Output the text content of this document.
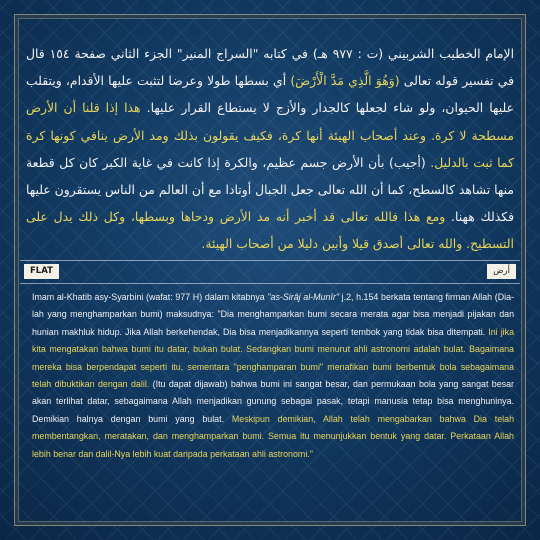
الإمام الخطيب الشربيني (ت : ٩٧٧ هـ) في كتابه "السراج المنير" الجزء الثاني صفحة ١٥٤ قال في تفسير قوله تعالى (وَهُوَ الَّذِي مَدَّ الْأَرْضَ) أي بسطها طولا وعرضا لتثبت عليها الأقدام، ويتقلب عليها الحيوان، ولو شاء لجعلها كالجدار والأزج لا يستطاع القرار عليها. هذا إذا قلنا أن الأرض مسطحة لا كرة. وعند أصحاب الهيئة أنها كرة، فكيف يقولون بذلك ومد الأرض ينافي كونها كرة كما ثبت بالدليل. (أجيب) بأن الأرض جسم عظيم، والكرة إذا كانت في غاية الكبر كان كل قطعة منها تشاهد كالسطح، كما أن الله تعالى جعل الجبال أوتادا مع أن العالم من الناس يستقرون عليها فكذلك ههنا. ومع هذا فالله تعالى قد أخبر أنه مد الأرض ودحاها وبسطها، وكل ذلك يدل على التسطيح. والله تعالى أصدق قيلا وأبين دليلا من أصحاب الهيئة.
FLAT	أرض
Imam al-Khatib asy-Syarbini (wafat: 977 H) dalam kitabnya "as-Sirâj al-Munîr" j.2, h.154 berkata tentang firman Allah (Dia-lah yang menghamparkan bumi) maksudnya: "Dia menghamparkan bumi secara merata agar bisa menjadi pijakan dan hunian makhluk hidup. Jika Allah berkehendak, Dia bisa menjadikannya seperti tembok yang tidak bisa ditempati. Ini jika kita mengatakan bahwa bumi itu datar, bukan bulat. Sedangkan bumi menurut ahli astronomi adalah bulat. Bagaimana mereka bisa berpendapat seperti itu, sementara "penghamparan bumi" menafikan bumi berbentuk bola sebagaimana telah dibuktikan dengan dalil. (Itu dapat dijawab) bahwa bumi ini sangat besar, dan permukaan bola yang sangat besar akan terlihat datar, sebagaimana Allah menjadikan gunung sebagai pasak, tetapi manusia tetap bisa menghuninya. Demikian halnya dengan bumi yang bulat. Meskipun demikian, Allah telah mengabarkan bahwa Dia telah membentangkan, meratakan, dan menghamparkan bumi. Semua itu menunjukkan bentuk yang datar. Perkataan Allah lebih benar dan dalil-Nya lebih kuat daripada perkataan ahli astronomi."
